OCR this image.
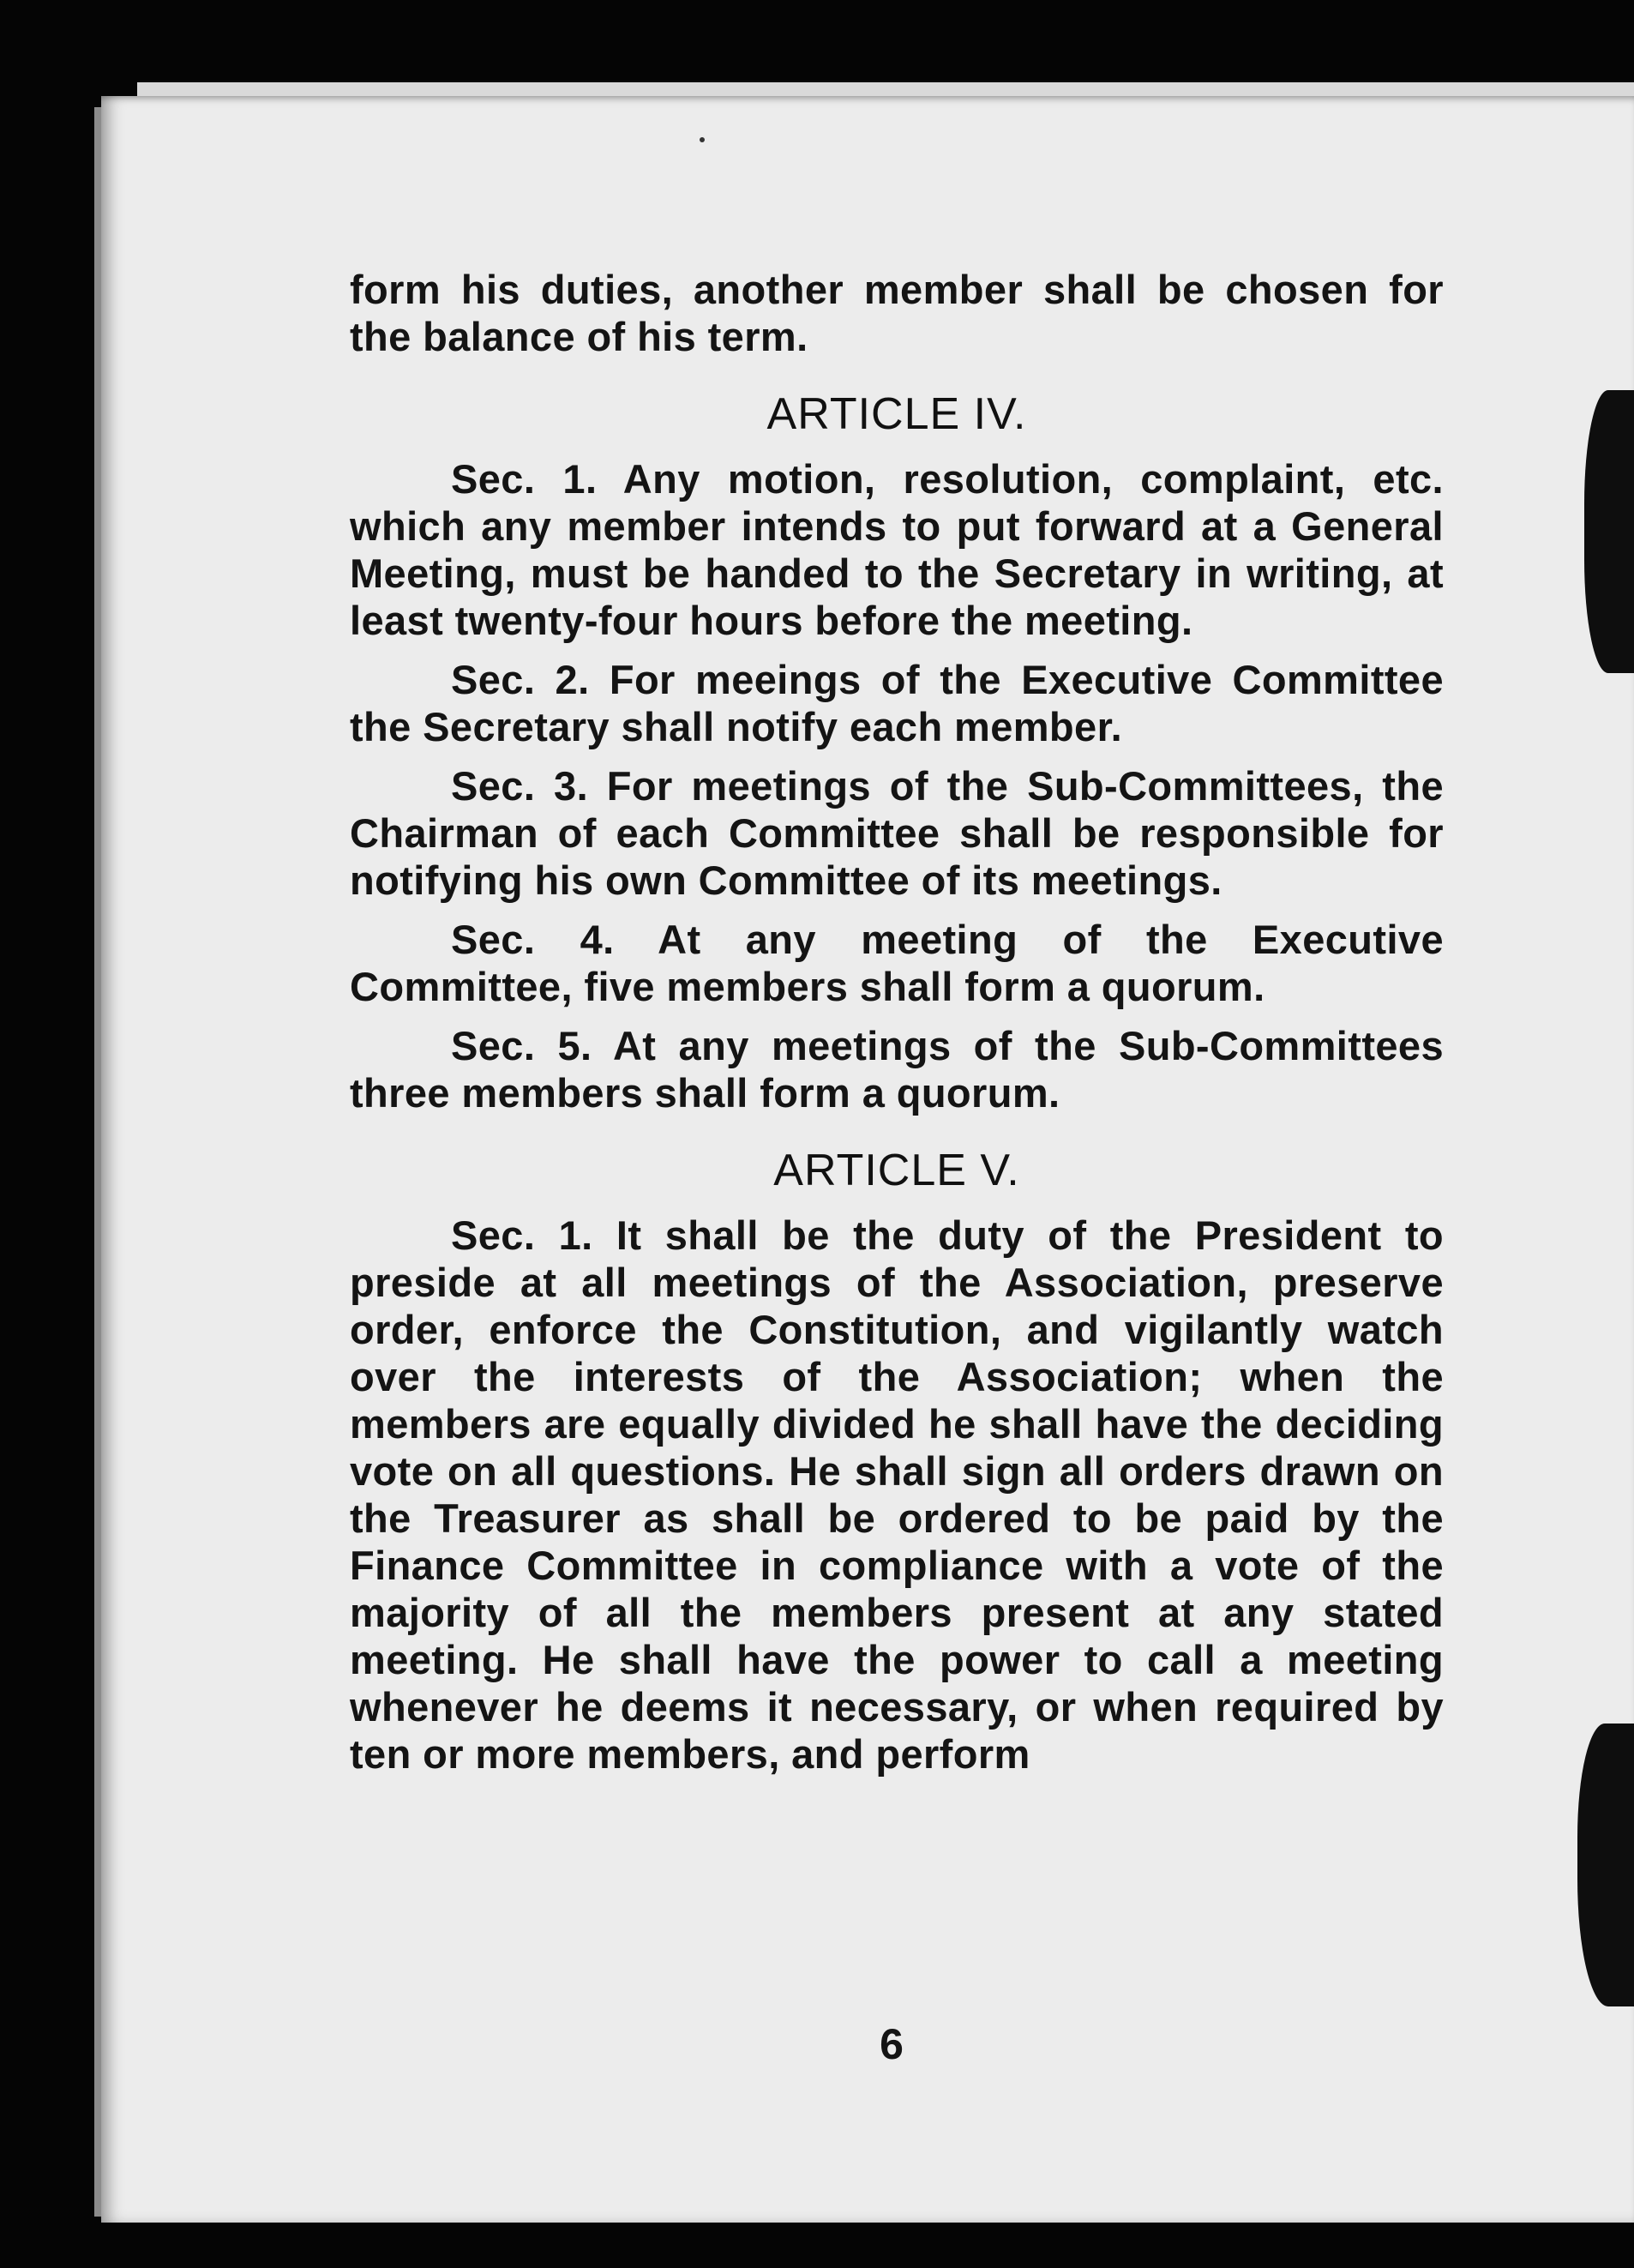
form his duties, another member shall be chosen for the balance of his term.

ARTICLE IV.

Sec. 1. Any motion, resolution, complaint, etc. which any member intends to put forward at a General Meeting, must be handed to the Secretary in writing, at least twenty-four hours before the meeting.

Sec. 2. For meeings of the Executive Committee the Secretary shall notify each member.

Sec. 3. For meetings of the Sub-Committees, the Chairman of each Committee shall be responsible for notifying his own Committee of its meetings.

Sec. 4. At any meeting of the Executive Committee, five members shall form a quorum.

Sec. 5. At any meetings of the Sub-Committees three members shall form a quorum.

ARTICLE V.

Sec. 1. It shall be the duty of the President to preside at all meetings of the Association, preserve order, enforce the Constitution, and vigilantly watch over the interests of the Association; when the members are equally divided he shall have the deciding vote on all questions. He shall sign all orders drawn on the Treasurer as shall be ordered to be paid by the Finance Committee in compliance with a vote of the majority of all the members present at any stated meeting. He shall have the power to call a meeting whenever he deems it necessary, or when required by ten or more members, and perform

6
